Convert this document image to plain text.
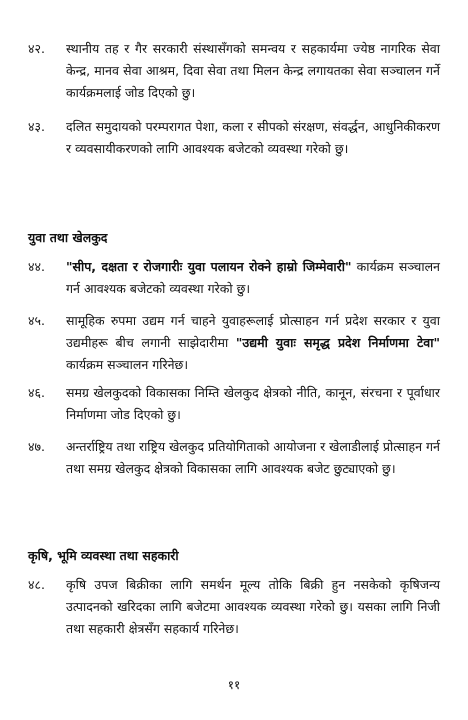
४२. स्थानीय तह र गैर सरकारी संस्थासँगको समन्वय र सहकार्यमा ज्येष्ठ नागरिक सेवा केन्द्र, मानव सेवा आश्रम, दिवा सेवा तथा मिलन केन्द्र लगायतका सेवा सञ्चालन गर्ने कार्यक्रमलाई जोड दिएको छु।
४३. दलित समुदायको परम्परागत पेशा, कला र सीपको संरक्षण, संवर्द्धन, आधुनिकीकरण र व्यवसायीकरणको लागि आवश्यक बजेटको व्यवस्था गरेको छु।
युवा तथा खेलकुद
४४. "सीप, दक्षता र रोजगारीः युवा पलायन रोक्ने हाम्रो जिम्मेवारी" कार्यक्रम सञ्चालन गर्न आवश्यक बजेटको व्यवस्था गरेको छु।
४५. सामूहिक रुपमा उद्यम गर्न चाहने युवाहरूलाई प्रोत्साहन गर्न प्रदेश सरकार र युवा उद्यमीहरू बीच लगानी साझेदारीमा "उद्यमी युवाः समृद्ध प्रदेश निर्माणमा टेवा" कार्यक्रम सञ्चालन गरिनेछ।
४६. समग्र खेलकुदको विकासका निम्ति खेलकुद क्षेत्रको नीति, कानून, संरचना र पूर्वाधार निर्माणमा जोड दिएको छु।
४७. अन्तर्राष्ट्रिय तथा राष्ट्रिय खेलकुद प्रतियोगिताको आयोजना र खेलाडीलाई प्रोत्साहन गर्न तथा समग्र खेलकुद क्षेत्रको विकासका लागि आवश्यक बजेट छुट्याएको छु।
कृषि, भूमि व्यवस्था तथा सहकारी
४८. कृषि उपज बिक्रीका लागि समर्थन मूल्य तोकि बिक्री हुन नसकेको कृषिजन्य उत्पादनको खरिदका लागि बजेटमा आवश्यक व्यवस्था गरेको छु। यसका लागि निजी तथा सहकारी क्षेत्रसँग सहकार्य गरिनेछ।
११
